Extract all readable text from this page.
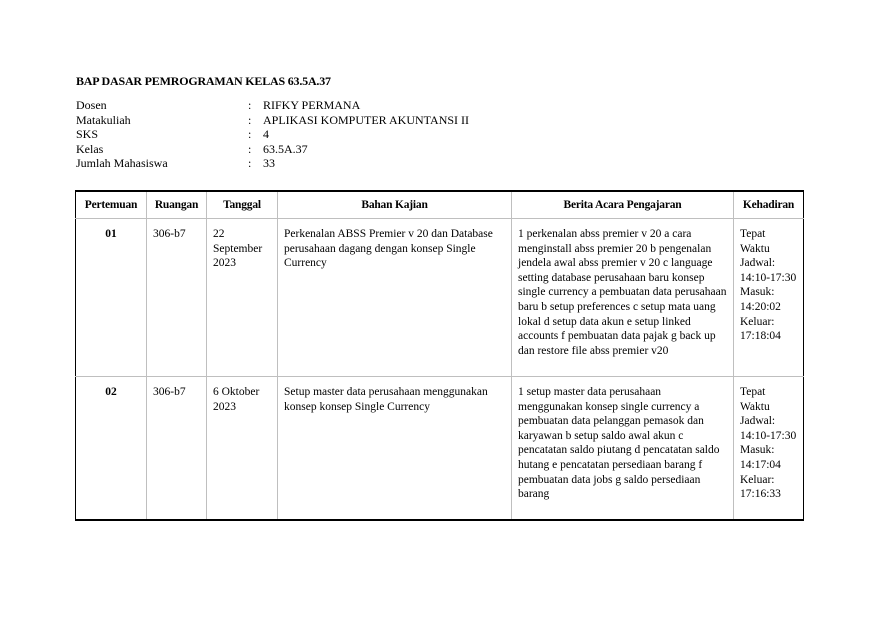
BAP DASAR PEMROGRAMAN KELAS 63.5A.37
Dosen	:	RIFKY PERMANA
Matakuliah	:	APLIKASI KOMPUTER AKUNTANSI II
SKS	:	4
Kelas	:	63.5A.37
Jumlah Mahasiswa	:	33
Pertemuan	Ruangan	Tanggal	Bahan Kajian	Berita Acara Pengajaran	Kehadiran
01	306-b7	22 September 2023	Perkenalan ABSS Premier v 20 dan Database perusahaan dagang dengan konsep Single Currency	1 perkenalan abss premier v 20 a cara menginstall abss premier 20 b pengenalan jendela awal abss premier v 20 c language setting database perusahaan baru konsep single currency a pembuatan data perusahaan baru b setup preferences c setup mata uang lokal d setup data akun e setup linked accounts f pembuatan data pajak g back up dan restore file abss premier v20	Tepat Waktu Jadwal: 14:10-17:30 Masuk: 14:20:02 Keluar: 17:18:04
02	306-b7	6 Oktober 2023	Setup master data perusahaan menggunakan konsep konsep Single Currency	1 setup master data perusahaan menggunakan konsep single currency a pembuatan data pelanggan pemasok dan karyawan b setup saldo awal akun c pencatatan saldo piutang d pencatatan saldo hutang e pencatatan persediaan barang f pembuatan data jobs g saldo persediaan barang	Tepat Waktu Jadwal: 14:10-17:30 Masuk: 14:17:04 Keluar: 17:16:33
